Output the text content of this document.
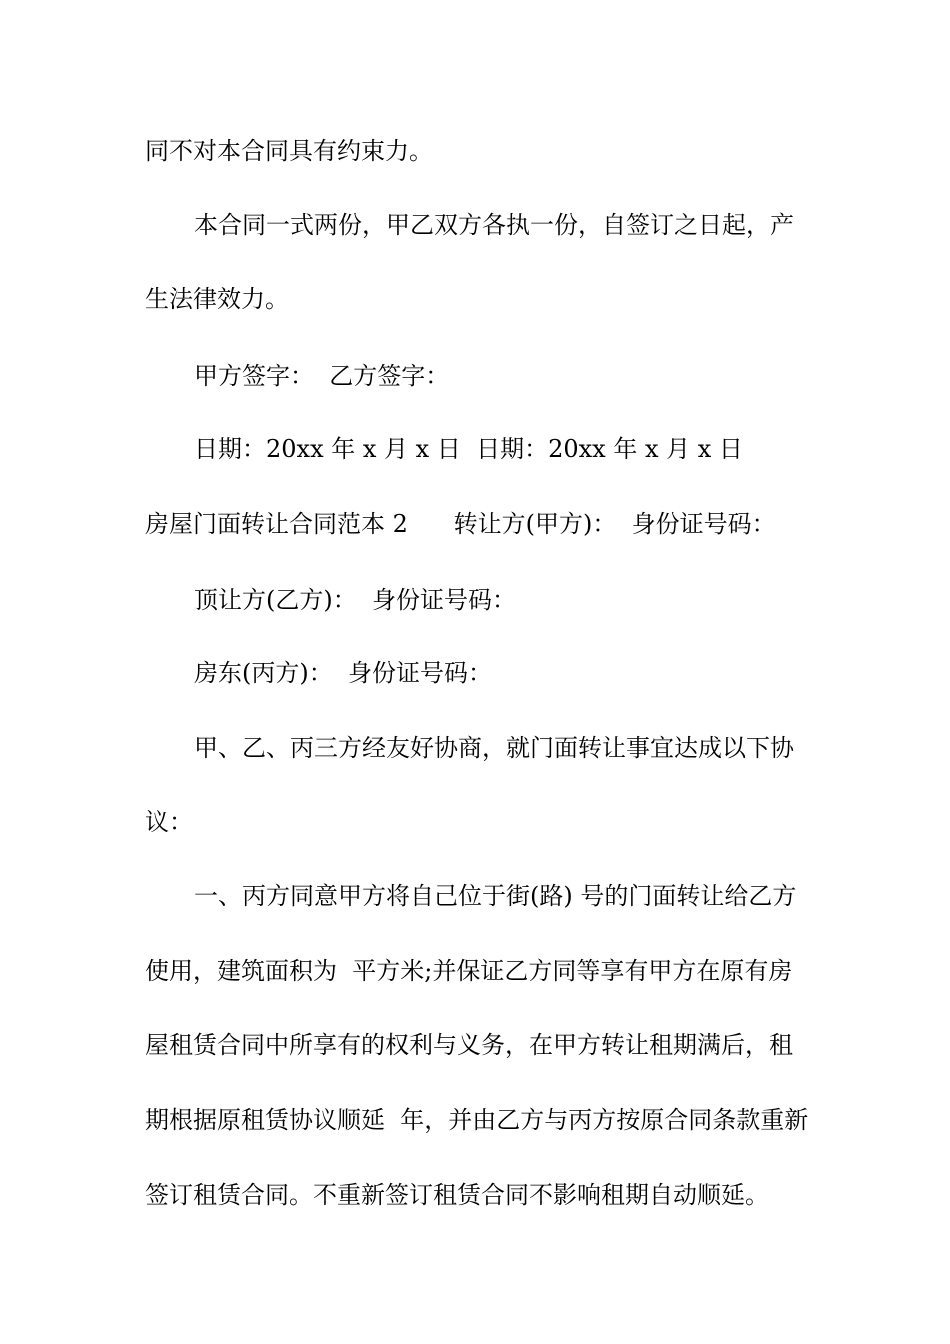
同不对本合同具有约束力。
本合同一式两份，甲乙双方各执一份，自签订之日起，产
生法律效力。
甲方签字：  乙方签字：
日期：20xx 年 x 月 x 日  日期：20xx 年 x 月 x 日
房屋门面转让合同范本 2      转让方(甲方)：  身份证号码：
顶让方(乙方)：  身份证号码：
房东(丙方)：  身份证号码：
甲、乙、丙三方经友好协商，就门面转让事宜达成以下协
议：
一、丙方同意甲方将自己位于街(路) 号的门面转让给乙方
使用，建筑面积为  平方米;并保证乙方同等享有甲方在原有房
屋租赁合同中所享有的权利与义务，在甲方转让租期满后，租
期根据原租赁协议顺延  年，并由乙方与丙方按原合同条款重新
签订租赁合同。不重新签订租赁合同不影响租期自动顺延。
